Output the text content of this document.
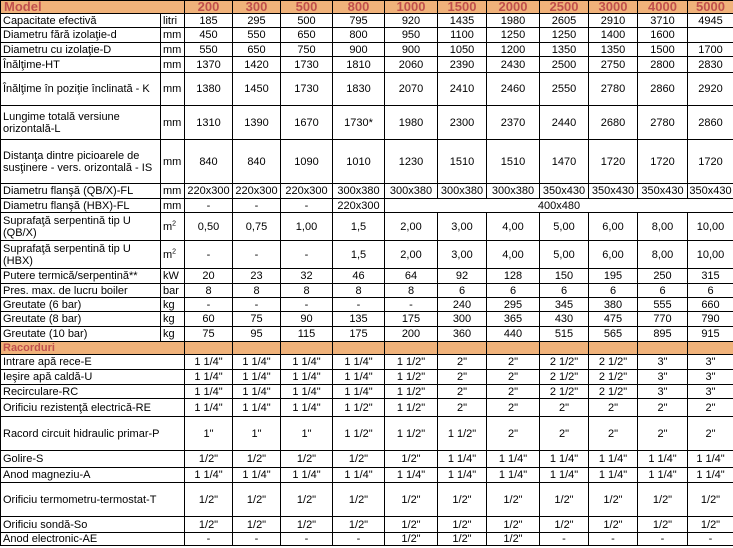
Model		200	300	500	800	1000	1500	2000	2500	3000	4000	5000
Capacitate efectivă	litri	185	295	500	795	920	1435	1980	2605	2910	3710	4945
Diametru fără izolaţie-d	mm	450	550	650	800	950	1100	1250	1250	1400	1600	
Diametru cu izolaţie-D	mm	550	650	750	900	900	1050	1200	1350	1350	1500	1700
Înălţime-HT	mm	1370	1420	1730	1810	2060	2390	2430	2500	2750	2800	2830
Înălţime în poziţie înclinată - K	mm	1380	1450	1730	1830	2070	2410	2460	2550	2780	2860	2920
Lungime totală versiune orizontală-L	mm	1310	1390	1670	1730*	1980	2300	2370	2440	2680	2780	2860
Distanţa dintre picioarele de susţinere - vers. orizontală - IS	mm	840	840	1090	1010	1230	1510	1510	1470	1720	1720	1720
Diametru flanşă (QB/X)-FL	mm	220x300	220x300	220x300	300x380	300x380	300x380	300x380	350x430	350x430	350x430	350x430
Diametru flanşă (HBX)-FL	mm	-	-	-	220x300	400x480						
Suprafaţă serpentină tip U (QB/X)	$m^2$	0,50	0,75	1,00	1,5	2,00	3,00	4,00	5,00	6,00	8,00	10,00
Suprafaţă serpentină tip U (HBX)	$m^2$	-	-	-	1,5	2,00	3,00	4,00	5,00	6,00	8,00	10,00
Putere termică/serpentină**	kW	20	23	32	46	64	92	128	150	195	250	315
Pres. max. de lucru boiler	bar	8	8	8	8	8	6	6	6	6	6	6
Greutate (6 bar)	kg	-	-	-	-	-	240	295	345	380	555	660
Greutate (8 bar)	kg	60	75	90	135	175	300	365	430	475	770	790
Greutate (10 bar)	kg	75	95	115	175	200	360	440	515	565	895	915
Racorduri												
Intrare apă rece-E		1 1/4"	1 1/4"	1 1/4"	1 1/4"	1 1/2"	2"	2"	2 1/2"	2 1/2"	3"	3"
Ieşire apă caldă-U		1 1/4"	1 1/4"	1 1/4"	1 1/4"	1 1/2"	2"	2"	2 1/2"	2 1/2"	3"	3"
Recirculare-RC		1 1/4"	1 1/4"	1 1/4"	1 1/4"	1 1/2"	2"	2"	2 1/2"	2 1/2"	3"	3"
Orificiu rezistenţă electrică-RE		1 1/4"	1 1/4"	1 1/4"	1 1/2"	1 1/2"	2"	2"	2"	2"	2"	2"
Racord circuit hidraulic primar-P		1"	1"	1"	1 1/2"	1 1/2"	1 1/2"	2"	2"	2"	2"	2"
Golire-S		1/2"	1/2"	1/2"	1/2"	1/2"	1 1/4"	1 1/4"	1 1/4"	1 1/4"	1 1/4"	1 1/4"
Anod magneziu-A		1 1/4"	1 1/4"	1 1/4"	1 1/4"	1 1/4"	1 1/4"	1 1/4"	1 1/4"	1 1/4"	1 1/4"	1 1/4"
Orificiu termometru-termostat-T		1/2"	1/2"	1/2"	1/2"	1/2"	1/2"	1/2"	1/2"	1/2"	1/2"	1/2"
Orificiu sondă-So		1/2"	1/2"	1/2"	1/2"	1/2"	1/2"	1/2"	1/2"	1/2"	1/2"	1/2"
Anod electronic-AE		-	-	-	-	1/2"	1/2"	1/2"	-	-	-	-
